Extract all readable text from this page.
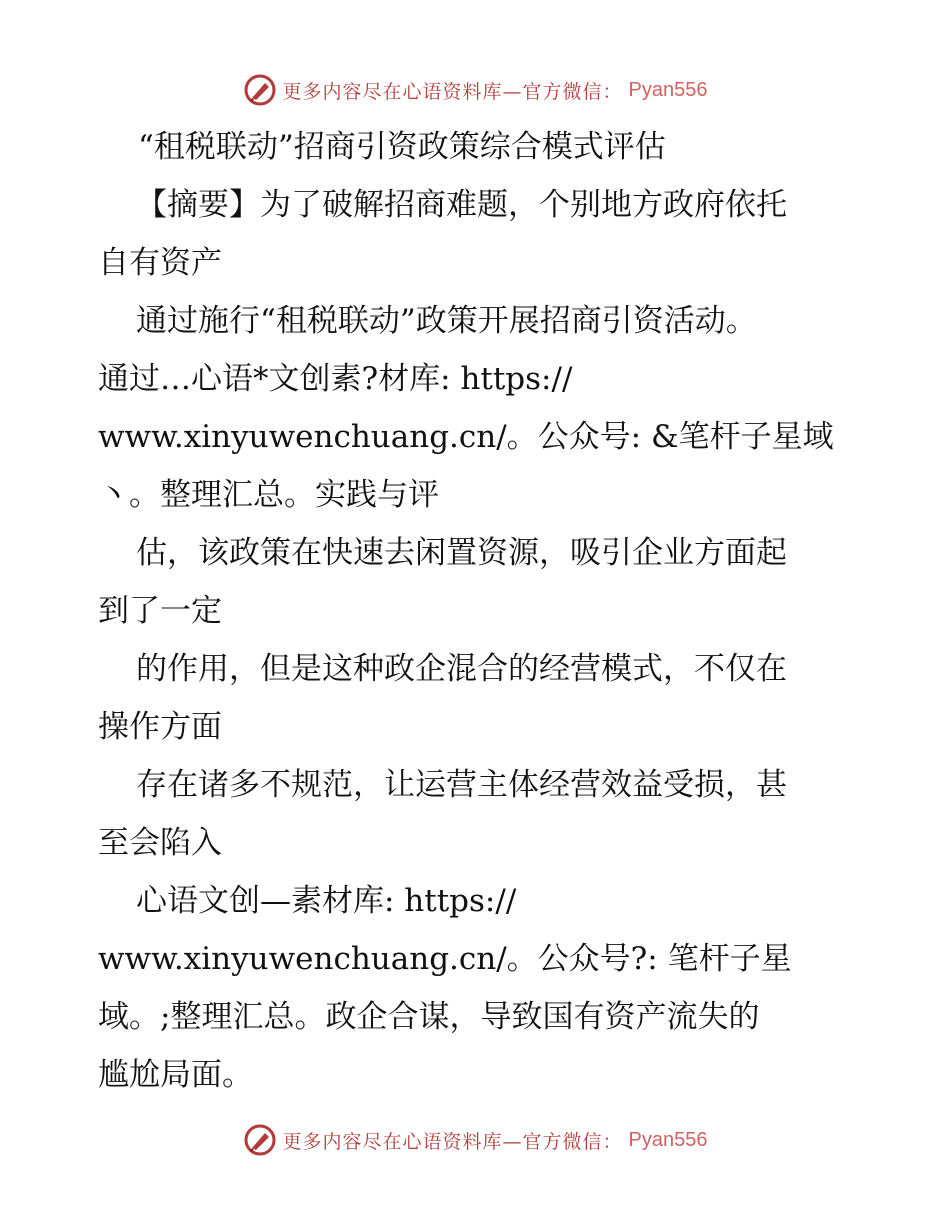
更多内容尽在心语资料库—官方微信： Pyan556
“租税联动”招商引资政策综合模式评估
【摘要】为了破解招商难题，个别地方政府依托
自有资产
通过施行“租税联动”政策开展招商引资活动。
通过…心语*文创素?材库: https://
www.xinyuwenchuang.cn/。公众号: &笔杆子星域
丶。整理汇总。实践与评
估，该政策在快速去闲置资源，吸引企业方面起
到了一定
的作用，但是这种政企混合的经营模式，不仅在
操作方面
存在诸多不规范，让运营主体经营效益受损，甚
至会陷入
心语文创—素材库: https://
www.xinyuwenchuang.cn/。公众号?: 笔杆子星
域。;整理汇总。政企合谋，导致国有资产流失的
尴尬局面。
更多内容尽在心语资料库—官方微信： Pyan556
